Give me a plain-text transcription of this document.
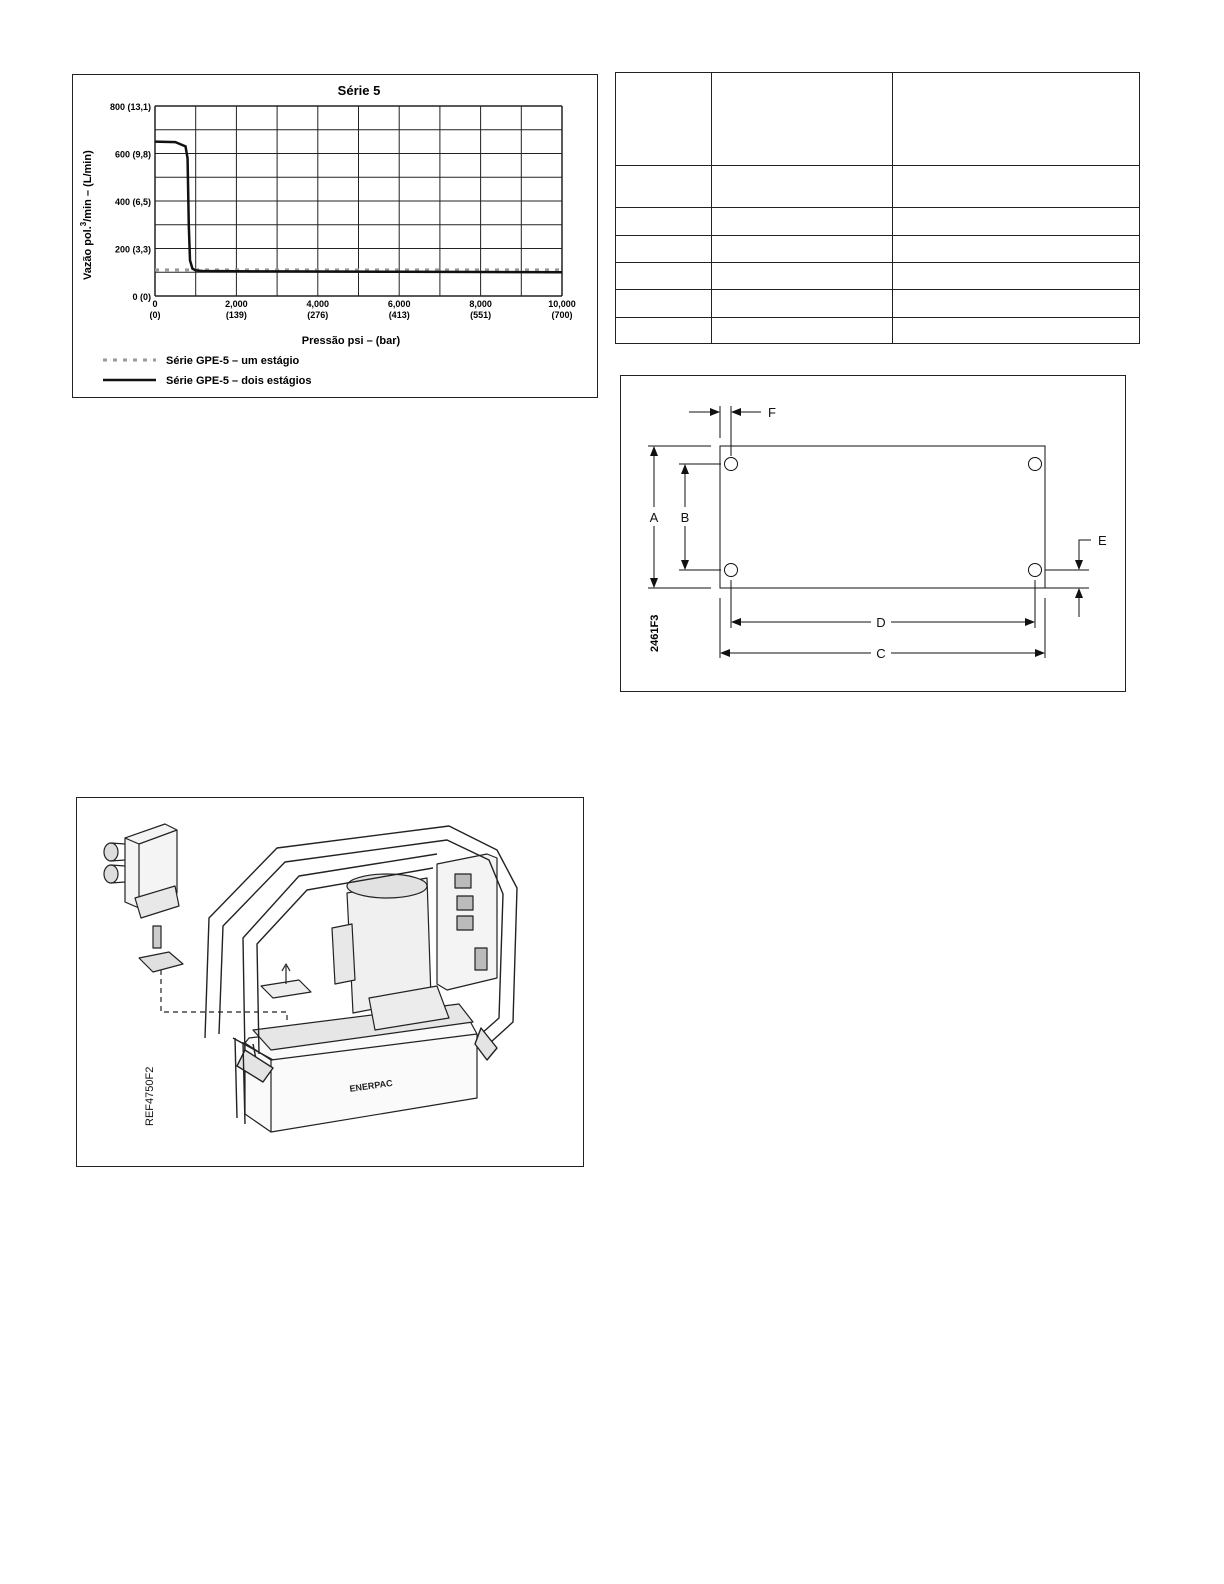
Série 5
0 (0)
200 (3,3)
400 (6,5)
600 (9,8)
800 (13,1)
0
(0)
2,000
(139)
4,000
(276)
6,000
(413)
8,000
(551)
10,000
(700)
Pressão psi – (bar)
Vazão pol.$^3$/min – (L/min)
Série GPE-5 – um estágio
Série GPE-5 – dois estágios

A B
F
E
D
C
2461F3
ENERPAC
REF4750F2
